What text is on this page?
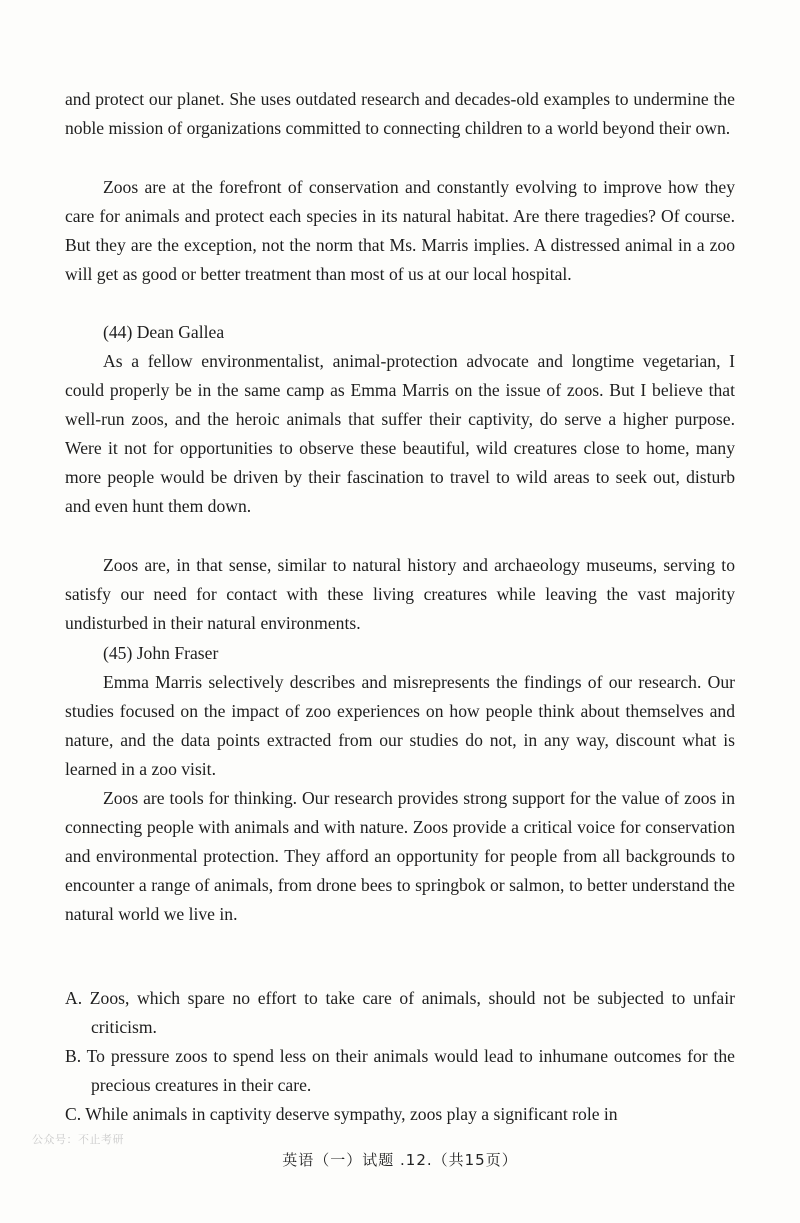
and protect our planet. She uses outdated research and decades-old examples to undermine the noble mission of organizations committed to connecting children to a world beyond their own.

Zoos are at the forefront of conservation and constantly evolving to improve how they care for animals and protect each species in its natural habitat. Are there tragedies? Of course. But they are the exception, not the norm that Ms. Marris implies. A distressed animal in a zoo will get as good or better treatment than most of us at our local hospital.

(44) Dean Gallea

As a fellow environmentalist, animal-protection advocate and longtime vegetarian, I could properly be in the same camp as Emma Marris on the issue of zoos. But I believe that well-run zoos, and the heroic animals that suffer their captivity, do serve a higher purpose. Were it not for opportunities to observe these beautiful, wild creatures close to home, many more people would be driven by their fascination to travel to wild areas to seek out, disturb and even hunt them down.

Zoos are, in that sense, similar to natural history and archaeology museums, serving to satisfy our need for contact with these living creatures while leaving the vast majority undisturbed in their natural environments.

(45) John Fraser

Emma Marris selectively describes and misrepresents the findings of our research. Our studies focused on the impact of zoo experiences on how people think about themselves and nature, and the data points extracted from our studies do not, in any way, discount what is learned in a zoo visit.

Zoos are tools for thinking. Our research provides strong support for the value of zoos in connecting people with animals and with nature. Zoos provide a critical voice for conservation and environmental protection. They afford an opportunity for people from all backgrounds to encounter a range of animals, from drone bees to springbok or salmon, to better understand the natural world we live in.

A. Zoos, which spare no effort to take care of animals, should not be subjected to unfair criticism.

B. To pressure zoos to spend less on their animals would lead to inhumane outcomes for the precious creatures in their care.

C. While animals in captivity deserve sympathy, zoos play a significant role in

公众号：不止考研
英语（一）试题 .12.（共15页）
